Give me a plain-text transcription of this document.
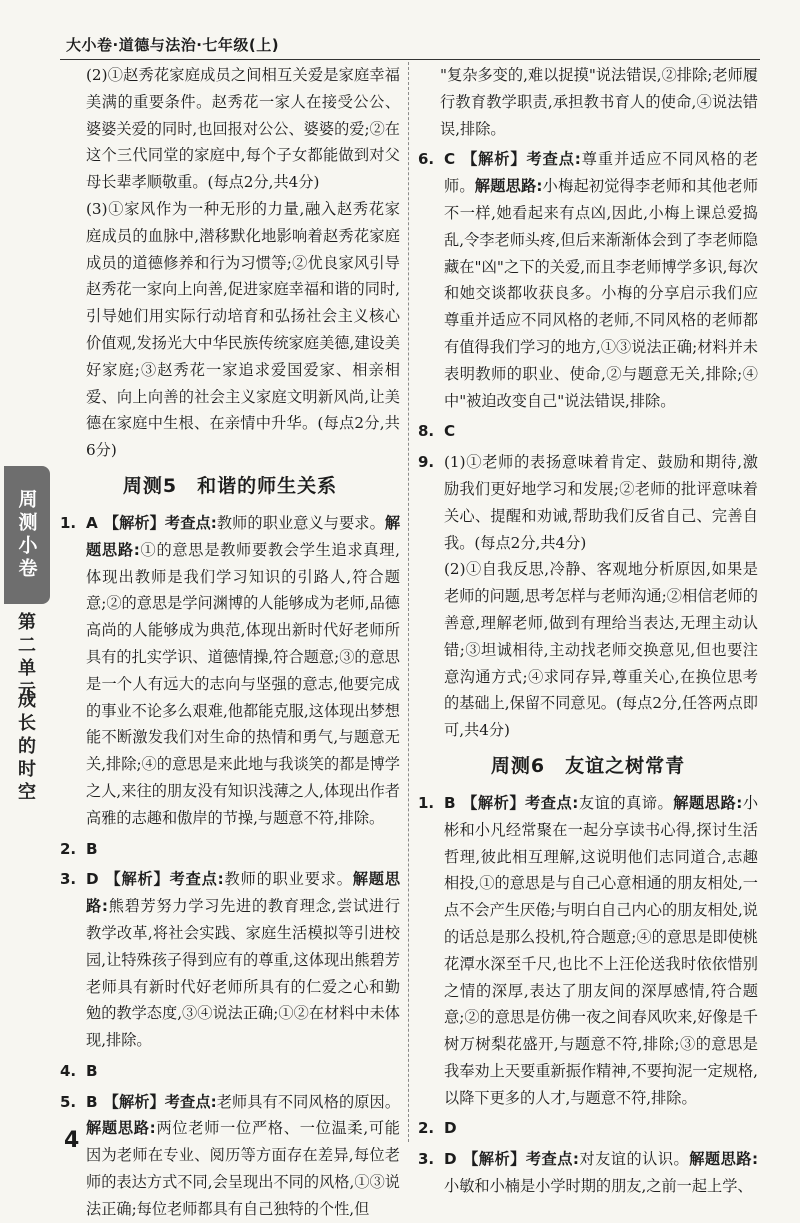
大小卷·道德与法治·七年级(上)
周测小卷
第二单元
成长的时空

(2)①赵秀花家庭成员之间相互关爱是家庭幸福美满的重要条件。赵秀花一家人在接受公公、婆婆关爱的同时,也回报对公公、婆婆的爱;②在这个三代同堂的家庭中,每个子女都能做到对父母长辈孝顺敬重。(每点2分,共4分)

(3)①家风作为一种无形的力量,融入赵秀花家庭成员的血脉中,潜移默化地影响着赵秀花家庭成员的道德修养和行为习惯等;②优良家风引导赵秀花一家向上向善,促进家庭幸福和谐的同时,引导她们用实际行动培育和弘扬社会主义核心价值观,发扬光大中华民族传统家庭美德,建设美好家庭;③赵秀花一家追求爱国爱家、相亲相爱、向上向善的社会主义家庭文明新风尚,让美德在家庭中生根、在亲情中升华。(每点2分,共6分)

周测5　和谐的师生关系

1. A 【解析】考查点:教师的职业意义与要求。解题思路:①的意思是教师要教会学生追求真理,体现出教师是我们学习知识的引路人,符合题意;②的意思是学问渊博的人能够成为老师,品德高尚的人能够成为典范,体现出新时代好老师所具有的扎实学识、道德情操,符合题意;③的意思是一个人有远大的志向与坚强的意志,他要完成的事业不论多么艰难,他都能克服,这体现出梦想能不断激发我们对生命的热情和勇气,与题意无关,排除;④的意思是来此地与我谈笑的都是博学之人,来往的朋友没有知识浅薄之人,体现出作者高雅的志趣和傲岸的节操,与题意不符,排除。

2. B

3. D 【解析】考查点:教师的职业要求。解题思路:熊碧芳努力学习先进的教育理念,尝试进行教学改革,将社会实践、家庭生活模拟等引进校园,让特殊孩子得到应有的尊重,这体现出熊碧芳老师具有新时代好老师所具有的仁爱之心和勤勉的教学态度,③④说法正确;①②在材料中未体现,排除。

4. B

5. B 【解析】考查点:老师具有不同风格的原因。解题思路:两位老师一位严格、一位温柔,可能因为老师在专业、阅历等方面存在差异,每位老师的表达方式不同,会呈现出不同的风格,①③说法正确;每位老师都具有自己独特的个性,但

"复杂多变的,难以捉摸"说法错误,②排除;老师履行教育教学职责,承担教书育人的使命,④说法错误,排除。

6. C 【解析】考查点:尊重并适应不同风格的老师。解题思路:小梅起初觉得李老师和其他老师不一样,她看起来有点凶,因此,小梅上课总爱捣乱,令李老师头疼,但后来渐渐体会到了李老师隐藏在"凶"之下的关爱,而且李老师博学多识,每次和她交谈都收获良多。小梅的分享启示我们应尊重并适应不同风格的老师,不同风格的老师都有值得我们学习的地方,①③说法正确;材料并未表明教师的职业、使命,②与题意无关,排除;④中"被迫改变自己"说法错误,排除。

8. C

9. (1)①老师的表扬意味着肯定、鼓励和期待,激励我们更好地学习和发展;②老师的批评意味着关心、提醒和劝诫,帮助我们反省自己、完善自我。(每点2分,共4分)

(2)①自我反思,冷静、客观地分析原因,如果是老师的问题,思考怎样与老师沟通;②相信老师的善意,理解老师,做到有理给当表达,无理主动认错;③坦诚相待,主动找老师交换意见,但也要注意沟通方式;④求同存异,尊重关心,在换位思考的基础上,保留不同意见。(每点2分,任答两点即可,共4分)

周测6　友谊之树常青

1. B 【解析】考查点:友谊的真谛。解题思路:小彬和小凡经常聚在一起分享读书心得,探讨生活哲理,彼此相互理解,这说明他们志同道合,志趣相投,①的意思是与自己心意相通的朋友相处,一点不会产生厌倦;与明白自己内心的朋友相处,说的话总是那么投机,符合题意;④的意思是即使桃花潭水深至千尺,也比不上汪伦送我时依依惜别之情的深厚,表达了朋友间的深厚感情,符合题意;②的意思是仿佛一夜之间春风吹来,好像是千树万树梨花盛开,与题意不符,排除;③的意思是我奉劝上天要重新振作精神,不要拘泥一定规格,以降下更多的人才,与题意不符,排除。

2. D

3. D 【解析】考查点:对友谊的认识。解题思路:小敏和小楠是小学时期的朋友,之前一起上学、

4
